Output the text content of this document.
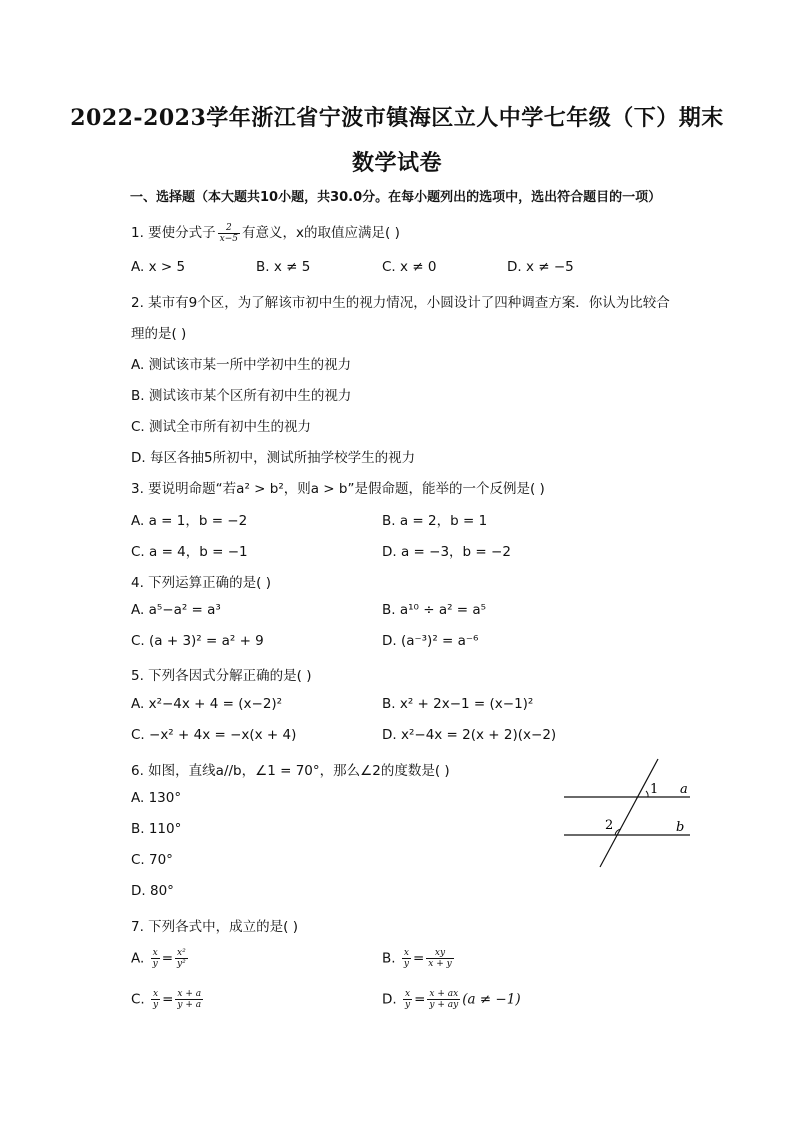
2022-2023学年浙江省宁波市镇海区立人中学七年级（下）期末
数学试卷
一、选择题（本大题共10小题，共30.0分。在每小题列出的选项中，选出符合题目的一项）
1. 要使分式子 $\frac{2}{x-5}$ 有意义，x的取值应满足( )
A. x > 5	B. x ≠ 5	C. x ≠ 0	D. x ≠ −5
2. 某市有9个区，为了解该市初中生的视力情况，小圆设计了四种调查方案．你认为比较合
理的是( )
A. 测试该市某一所中学初中生的视力
B. 测试该市某个区所有初中生的视力
C. 测试全市所有初中生的视力
D. 每区各抽5所初中，测试所抽学校学生的视力
3. 要说明命题“若a² > b²，则a > b”是假命题，能举的一个反例是( )
A. a = 1，b = −2	B. a = 2，b = 1
C. a = 4，b = −1	D. a = −3，b = −2
4. 下列运算正确的是( )
A. a⁵−a² = a³	B. a¹⁰ ÷ a² = a⁵
C. (a + 3)² = a² + 9	D. (a⁻³)² = a⁻⁶
5. 下列各因式分解正确的是( )
A. x²−4x + 4 = (x−2)²	B. x² + 2x−1 = (x−1)²
C. −x² + 4x = −x(x + 4)	D. x²−4x = 2(x + 2)(x−2)
6. 如图，直线a//b，∠1 = 70°，那么∠2的度数是( )
A. 130°
B. 110°
C. 70°
D. 80°
1
2
a
b
7. 下列各式中，成立的是( )
A. $\frac{x}{y} = \frac{\text{x²}}{\text{y²}}$	B. $\frac{x}{y} = \frac{xy}{x + y}$
C. $\frac{x}{y} = \frac{x + a}{y + a}$	D. $\frac{x}{y} = \frac{x + ax}{y + ay} (a \ne -1)$
